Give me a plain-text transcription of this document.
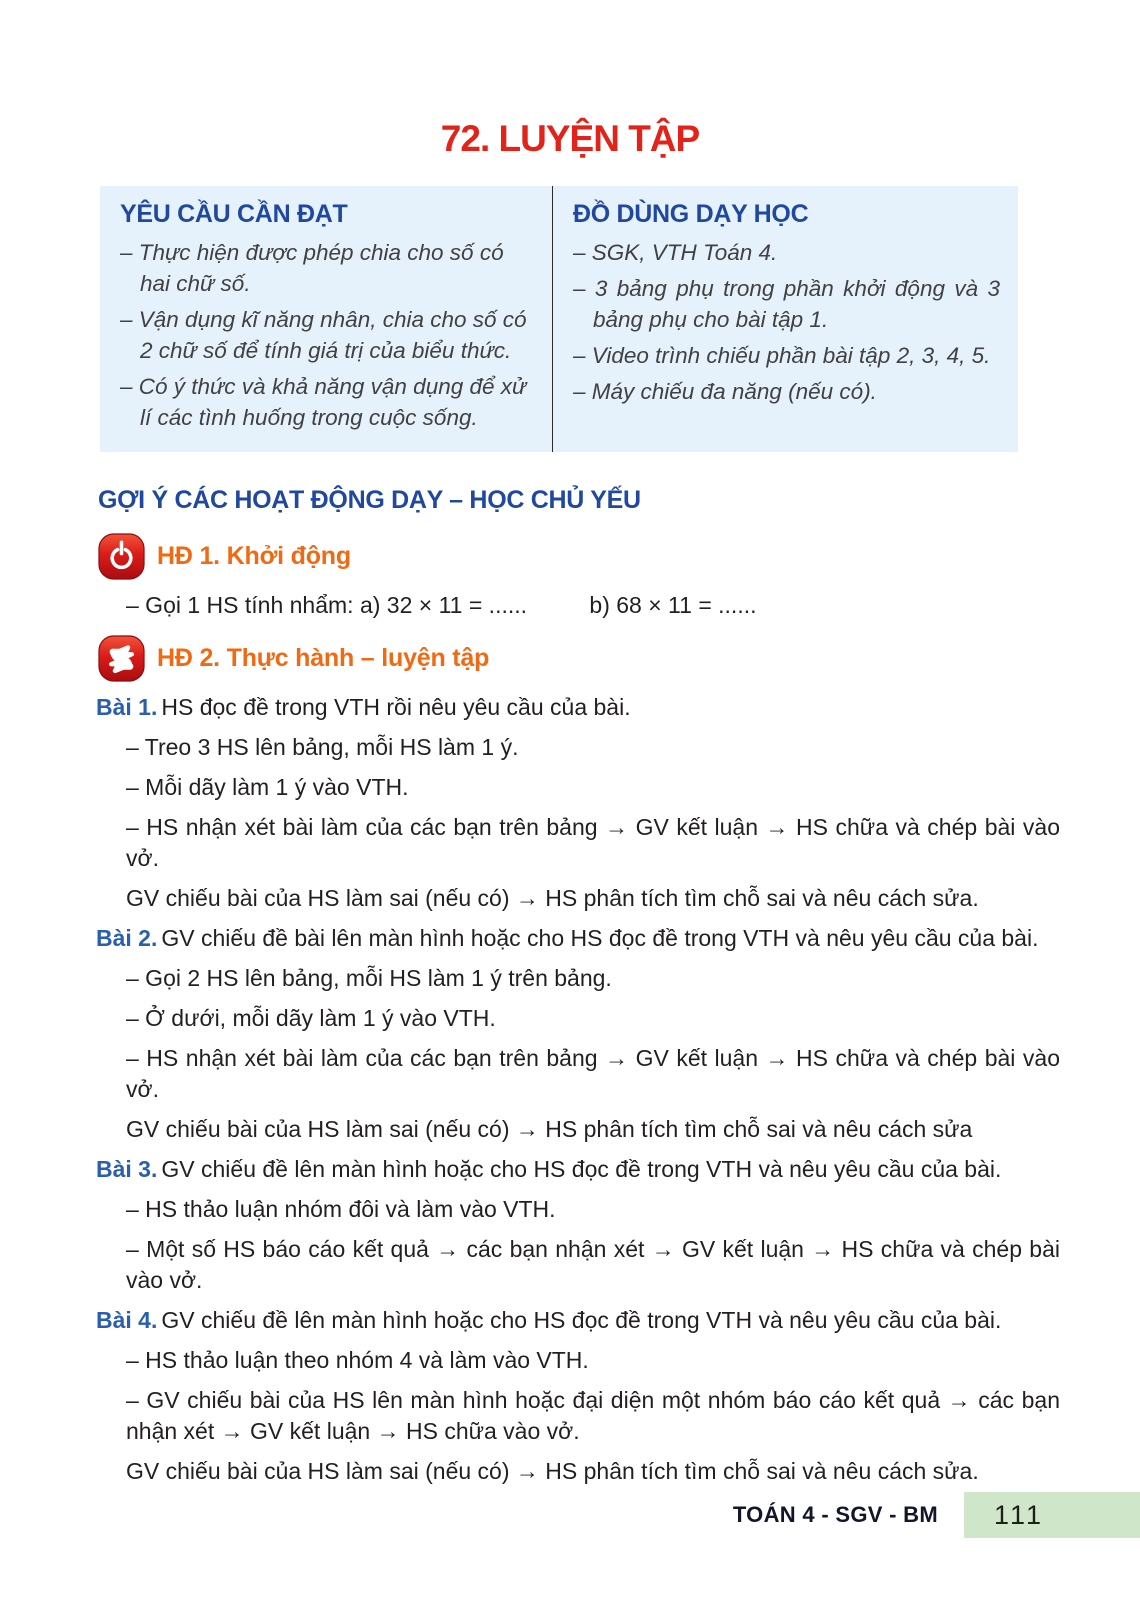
72. LUYỆN TẬP
YÊU CẦU CẦN ĐẠT

– Thực hiện được phép chia cho số có hai chữ số.

– Vận dụng kĩ năng nhân, chia cho số có 2 chữ số để tính giá trị của biểu thức.

– Có ý thức và khả năng vận dụng để xử lí các tình huống trong cuộc sống.

ĐỒ DÙNG DẠY HỌC

– SGK, VTH Toán 4.

– 3 bảng phụ trong phần khởi động và 3 bảng phụ cho bài tập 1.

– Video trình chiếu phần bài tập 2, 3, 4, 5.

– Máy chiếu đa năng (nếu có).

GỢI Ý CÁC HOẠT ĐỘNG DẠY – HỌC CHỦ YẾU
HĐ 1. Khởi động

– Gọi 1 HS tính nhẩm: a) 32 × 11 = ......	b) 68 × 11 = ......

HĐ 2. Thực hành – luyện tập

Bài 1. HS đọc đề trong VTH rồi nêu yêu cầu của bài.

– Treo 3 HS lên bảng, mỗi HS làm 1 ý.

– Mỗi dãy làm 1 ý vào VTH.

– HS nhận xét bài làm của các bạn trên bảng → GV kết luận → HS chữa và chép bài vào vở.

GV chiếu bài của HS làm sai (nếu có) → HS phân tích tìm chỗ sai và nêu cách sửa.

Bài 2. GV chiếu đề bài lên màn hình hoặc cho HS đọc đề trong VTH và nêu yêu cầu của bài.

– Gọi 2 HS lên bảng, mỗi HS làm 1 ý trên bảng.

– Ở dưới, mỗi dãy làm 1 ý vào VTH.

– HS nhận xét bài làm của các bạn trên bảng → GV kết luận → HS chữa và chép bài vào vở.

GV chiếu bài của HS làm sai (nếu có) → HS phân tích tìm chỗ sai và nêu cách sửa

Bài 3. GV chiếu đề lên màn hình hoặc cho HS đọc đề trong VTH và nêu yêu cầu của bài.

– HS thảo luận nhóm đôi và làm vào VTH.

– Một số HS báo cáo kết quả → các bạn nhận xét → GV kết luận → HS chữa và chép bài vào vở.

Bài 4. GV chiếu đề lên màn hình hoặc cho HS đọc đề trong VTH và nêu yêu cầu của bài.

– HS thảo luận theo nhóm 4 và làm vào VTH.

– GV chiếu bài của HS lên màn hình hoặc đại diện một nhóm báo cáo kết quả → các bạn nhận xét → GV kết luận → HS chữa vào vở.

GV chiếu bài của HS làm sai (nếu có) → HS phân tích tìm chỗ sai và nêu cách sửa.

TOÁN 4 - SGV - BM 111
